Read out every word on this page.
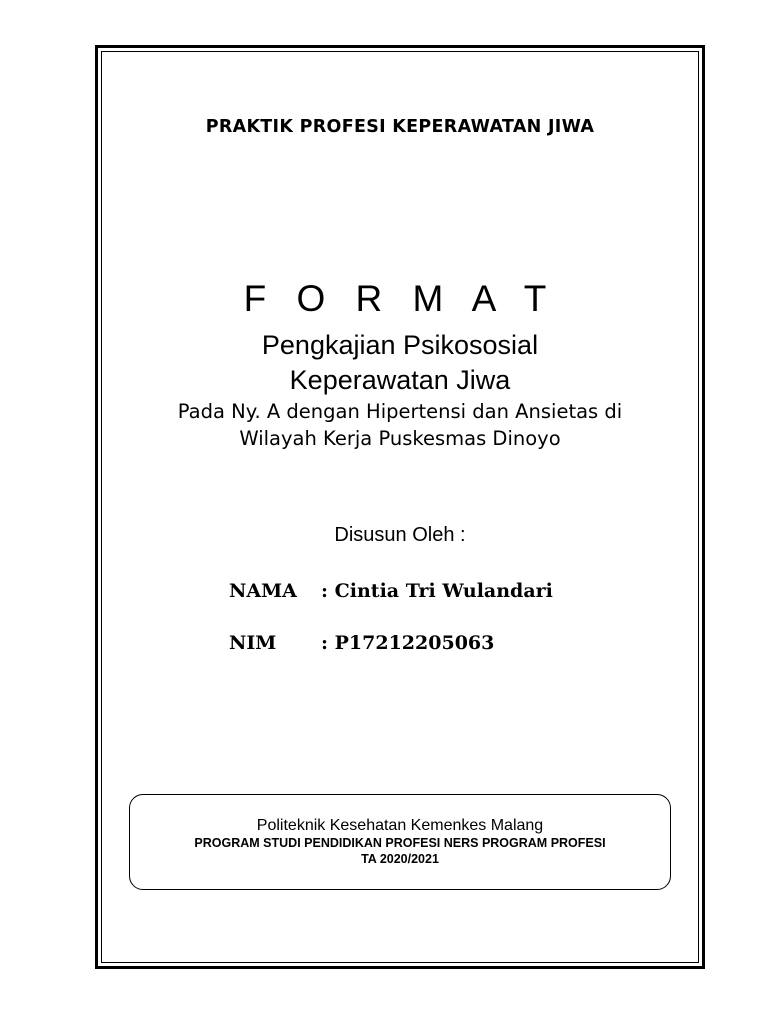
PRAKTIK PROFESI KEPERAWATAN JIWA
F O R M A T
Pengkajian Psikososial
Keperawatan Jiwa
Pada Ny. A dengan Hipertensi dan Ansietas di
Wilayah Kerja Puskesmas Dinoyo
Disusun Oleh :
NAMA : Cintia Tri Wulandari
NIM : P17212205063
Politeknik Kesehatan Kemenkes Malang
PROGRAM STUDI PENDIDIKAN PROFESI NERS PROGRAM PROFESI
TA 2020/2021
